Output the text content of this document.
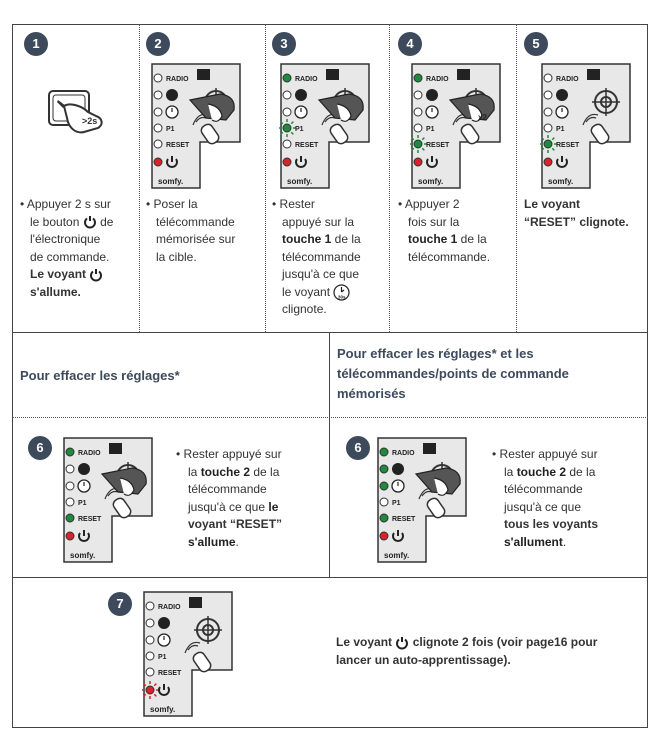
1
>2s
• Appuyer 2 s sur
le bouton de
l'électronique
de commande.
Le voyant
s'allume.
2
RADIO
P1
RESET
somfy.
• Poser la
télécommande
mémorisée sur
la cible.
3
RADIO
P1
RESET
somfy.
• Rester
appuyé sur la
touche 1 de la
télécommande
jusqu'à ce que
le voyant 30s
clignote.
4
RADIO
P1
RESET
x2
somfy.
• Appuyer 2
fois sur la
touche 1 de la
télécommande.
5
RADIO
P1
RESET
somfy.
Le voyant
“RESET” clignote.
Pour effacer les réglages*
Pour effacer les réglages* et les
télécommandes/points de commande
mémorisés
6	RADIO
P1
RESET
somfy.
• Rester appuyé sur
la touche 2 de la
télécommande
jusqu'à ce que le
voyant “RESET”
s'allume.
6	RADIO
P1
RESET
somfy.
• Rester appuyé sur
la touche 2 de la
télécommande
jusqu'à ce que
tous les voyants
s'allument.
7	RADIO
P1
RESET
somfy.
Le voyant clignote 2 fois (voir page16 pour
lancer un auto-apprentissage).
